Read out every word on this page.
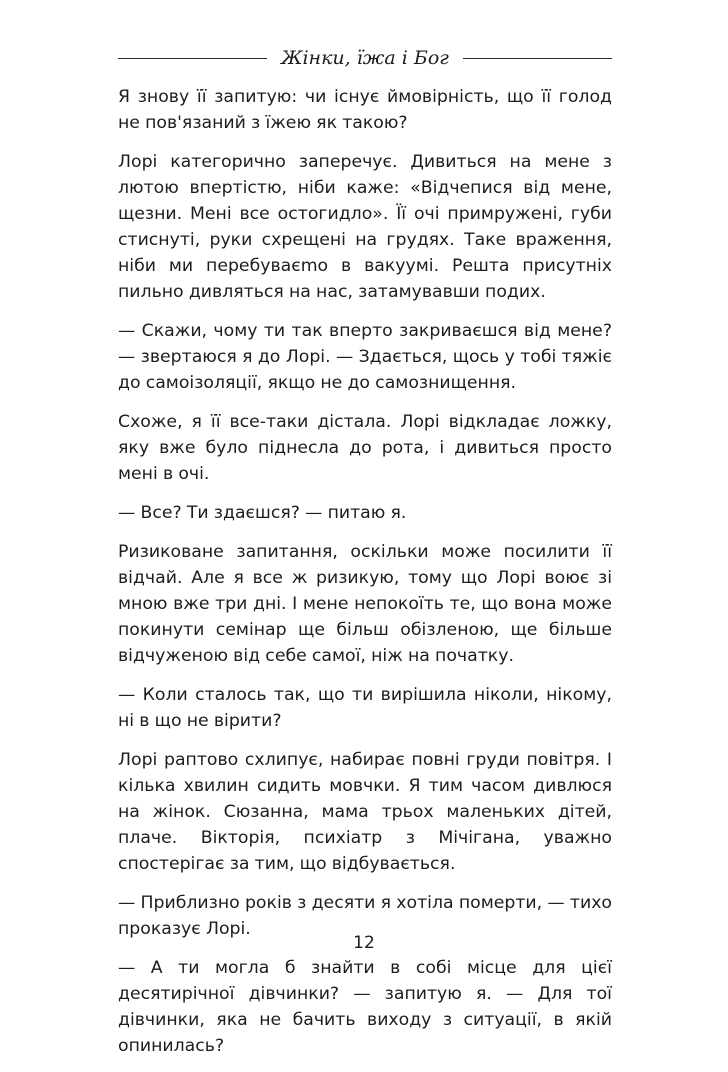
Жінки, їжа і Бог

Я знову її запитую: чи існує ймовірність, що її голод не пов'язаний з їжею як такою?

Лорі категорично заперечує. Дивиться на мене з лютою впертістю, ніби каже: «Відчепися від мене, щезни. Мені все остогидло». Її очі примружені, губи стиснуті, руки схрещені на грудях. Таке враження, ніби ми перебуваєmо в вакуумі. Решта присутніх пильно дивляться на нас, затамувавши подих.

— Скажи, чому ти так вперто закриваєшся від мене? — звертаюся я до Лорі. — Здається, щось у тобі тяжіє до самоізоляції, якщо не до самознищення.

Схоже, я її все-таки дістала. Лорі відкладає ложку, яку вже було піднесла до рота, і дивиться просто мені в очі.

— Все? Ти здаєшся? — питаю я.

Ризиковане запитання, оскільки може посилити її відчай. Але я все ж ризикую, тому що Лорі воює зі мною вже три дні. І мене непокоїть те, що вона може покинути семінар ще більш обізленою, ще більше відчуженою від себе самої, ніж на початку.

— Коли сталось так, що ти вирішила ніколи, нікому, ні в що не вірити?

Лорі раптово схлипує, набирає повні груди повітря. І кілька хвилин сидить мовчки. Я тим часом дивлюся на жінок. Сюзанна, мама трьох маленьких дітей, плаче. Вікторія, психіатр з Мічігана, уважно спостерігає за тим, що відбувається.

— Приблизно років з десяти я хотіла померти, — тихо проказує Лорі.

— А ти могла б знайти в собі місце для цієї десятирічної дівчинки? — запитую я. — Для тої дівчинки, яка не бачить виходу з ситуації, в якій опинилась?

12
